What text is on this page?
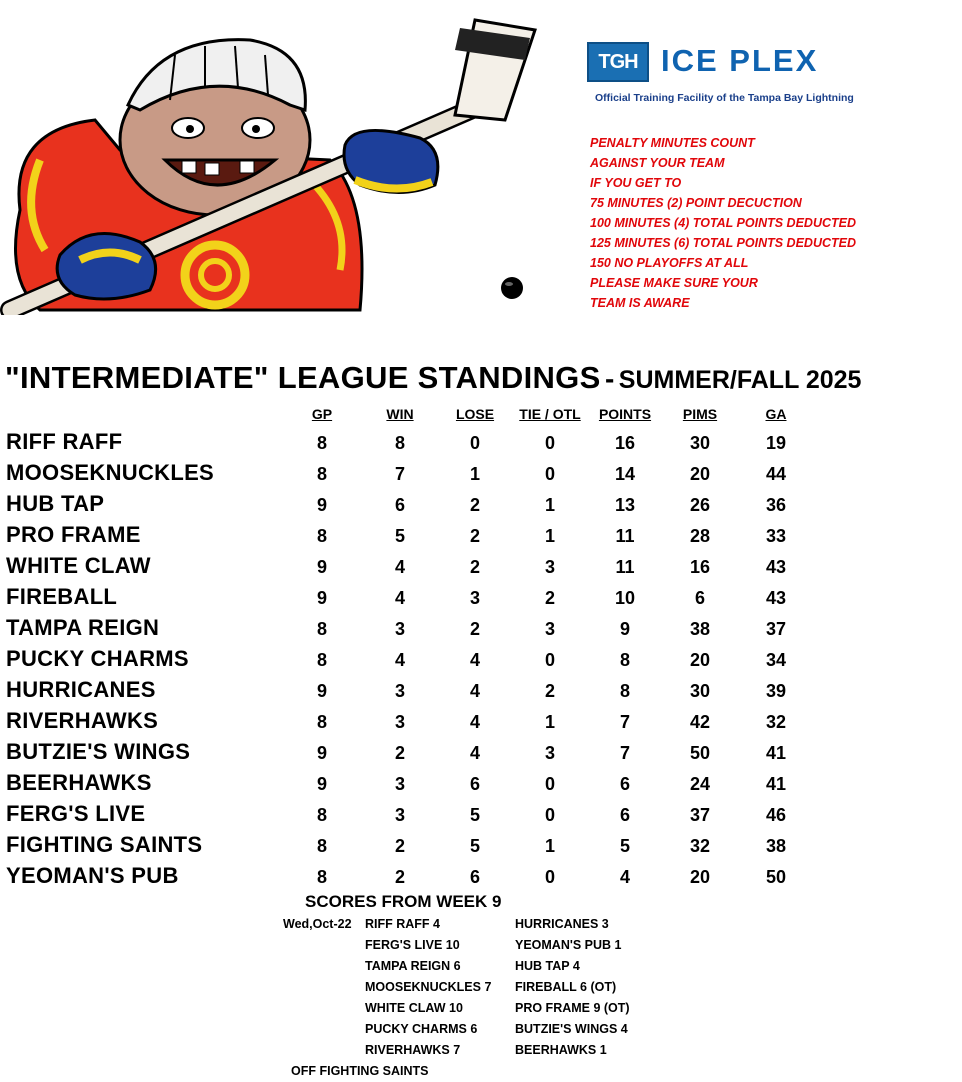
TGH ICE PLEX
Official Training Facility of the Tampa Bay Lightning
PENALTY MINUTES COUNT
AGAINST YOUR TEAM
IF YOU GET TO
75 MINUTES (2) POINT DECUCTION
100 MINUTES (4) TOTAL POINTS DEDUCTED
125 MINUTES (6) TOTAL POINTS DEDUCTED
150 NO PLAYOFFS AT ALL
PLEASE MAKE SURE YOUR
TEAM IS AWARE
"INTERMEDIATE" LEAGUE STANDINGS - SUMMER/FALL 2025
GP	WIN	LOSE	TIE / OTL	POINTS	PIMS	GA
RIFF RAFF	8	8	0	0	16	30	19
MOOSEKNUCKLES	8	7	1	0	14	20	44
HUB TAP	9	6	2	1	13	26	36
PRO FRAME	8	5	2	1	11	28	33
WHITE CLAW	9	4	2	3	11	16	43
FIREBALL	9	4	3	2	10	6	43
TAMPA REIGN	8	3	2	3	9	38	37
PUCKY CHARMS	8	4	4	0	8	20	34
HURRICANES	9	3	4	2	8	30	39
RIVERHAWKS	8	3	4	1	7	42	32
BUTZIE'S WINGS	9	2	4	3	7	50	41
BEERHAWKS	9	3	6	0	6	24	41
FERG'S LIVE	8	3	5	0	6	37	46
FIGHTING SAINTS	8	2	5	1	5	32	38
YEOMAN'S PUB	8	2	6	0	4	20	50
SCORES FROM WEEK 9
Wed,Oct-22 RIFF RAFF 4	HURRICANES 3
FERG'S LIVE 10	YEOMAN'S PUB 1
TAMPA REIGN 6	HUB TAP 4
MOOSEKNUCKLES 7 FIREBALL 6 (OT)
WHITE CLAW 10	PRO FRAME 9 (OT)
PUCKY CHARMS 6	BUTZIE'S WINGS 4
RIVERHAWKS 7	BEERHAWKS 1
OFF FIGHTING SAINTS
